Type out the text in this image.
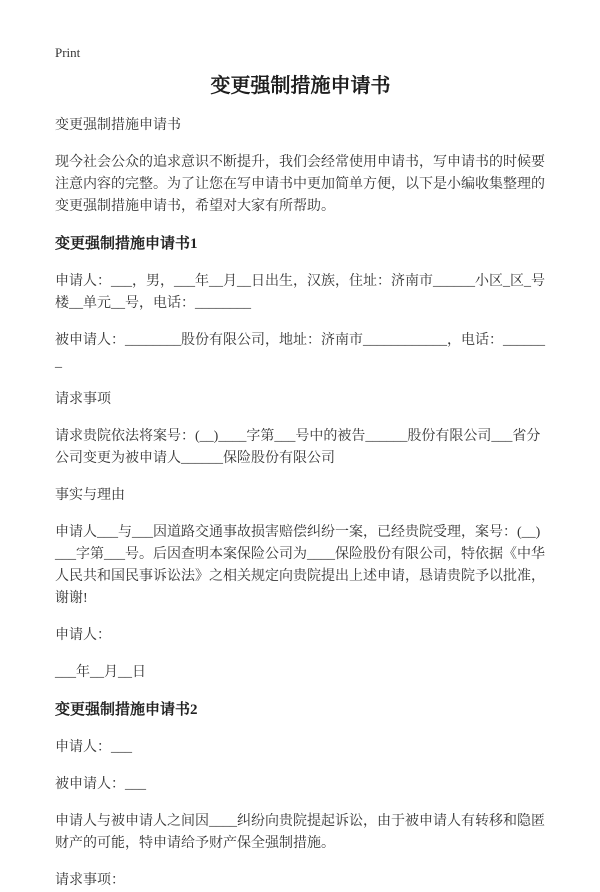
Print
变更强制措施申请书

变更强制措施申请书

现今社会公众的追求意识不断提升，我们会经常使用申请书，写申请书的时候要注意内容的完整。为了让您在写申请书中更加简单方便，以下是小编收集整理的变更强制措施申请书，希望对大家有所帮助。

变更强制措施申请书1

申请人：___，男，___年__月__日出生，汉族，住址：济南市______小区_区_号楼__单元__号，电话：________

被申请人：________股份有限公司，地址：济南市____________，电话：_______

请求事项

请求贵院依法将案号：(__)____字第___号中的被告______股份有限公司___省分公司变更为被申请人______保险股份有限公司

事实与理由

申请人___与___因道路交通事故损害赔偿纠纷一案，已经贵院受理，案号：(__)___字第___号。后因查明本案保险公司为____保险股份有限公司，特依据《中华人民共和国民事诉讼法》之相关规定向贵院提出上述申请，恳请贵院予以批准，谢谢!

申请人：

___年__月__日

变更强制措施申请书2

申请人：___

被申请人：___

申请人与被申请人之间因____纠纷向贵院提起诉讼，由于被申请人有转移和隐匿财产的可能，特申请给予财产保全强制措施。

请求事项：
